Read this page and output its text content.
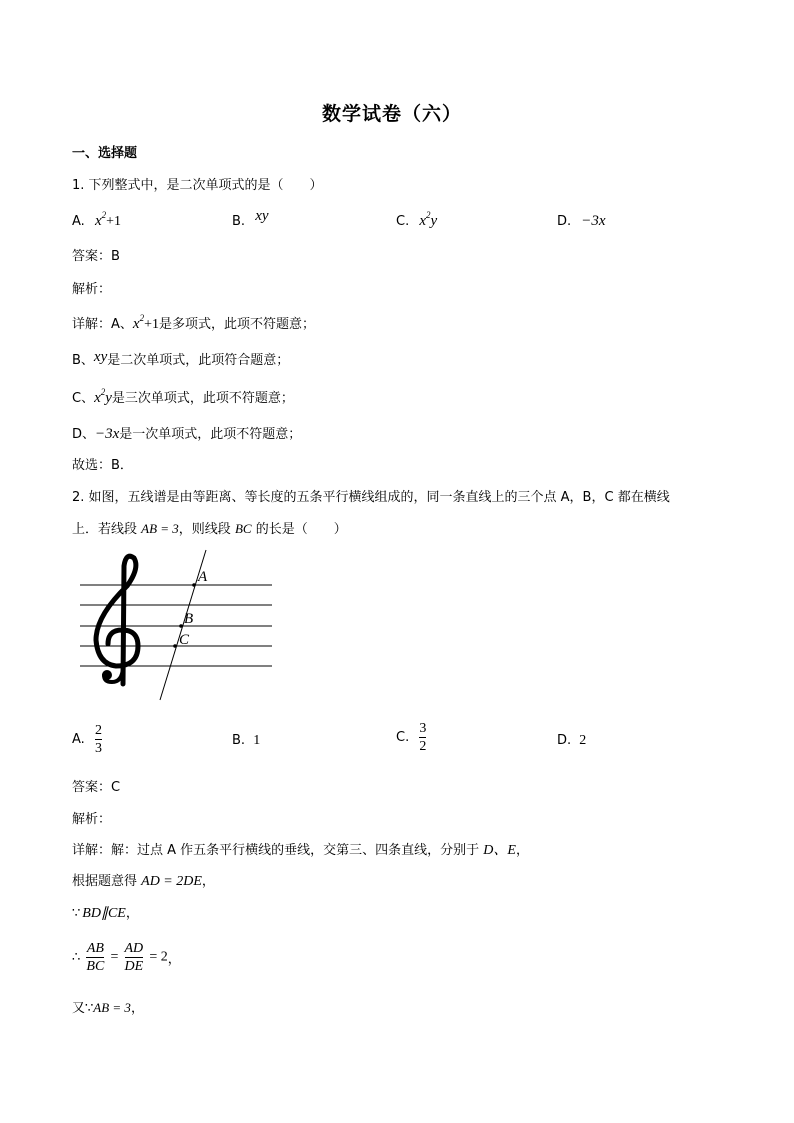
数学试卷（六）
一、选择题
1. 下列整式中，是二次单项式的是（　　）
A. $x^2+1$	B. xy	C. $x^2y$	D. −3x
答案：B
解析：
详解：A、$x^2+1$是多项式，此项不符题意；
B、xy是二次单项式，此项符合题意；
C、$x^2y$是三次单项式，此项不符题意；
D、−3x是一次单项式，此项不符题意；
故选：B．
2. 如图，五线谱是由等距离、等长度的五条平行横线组成的，同一条直线上的三个点 A，B，C 都在横线
上．若线段 AB = 3，则线段 BC 的长是（　　）
A
B
C
A. $\frac{2}{3}$	B. 1	C. $\frac{3}{2}$	D. 2
答案：C
解析：
详解：解：过点 A 作五条平行横线的垂线，交第三、四条直线，分别于 D、E，
根据题意得 AD = 2DE，
∵ BD∥CE，
∴ $\frac{AB}{BC} = \frac{AD}{DE} = 2$，
又∵AB = 3，
